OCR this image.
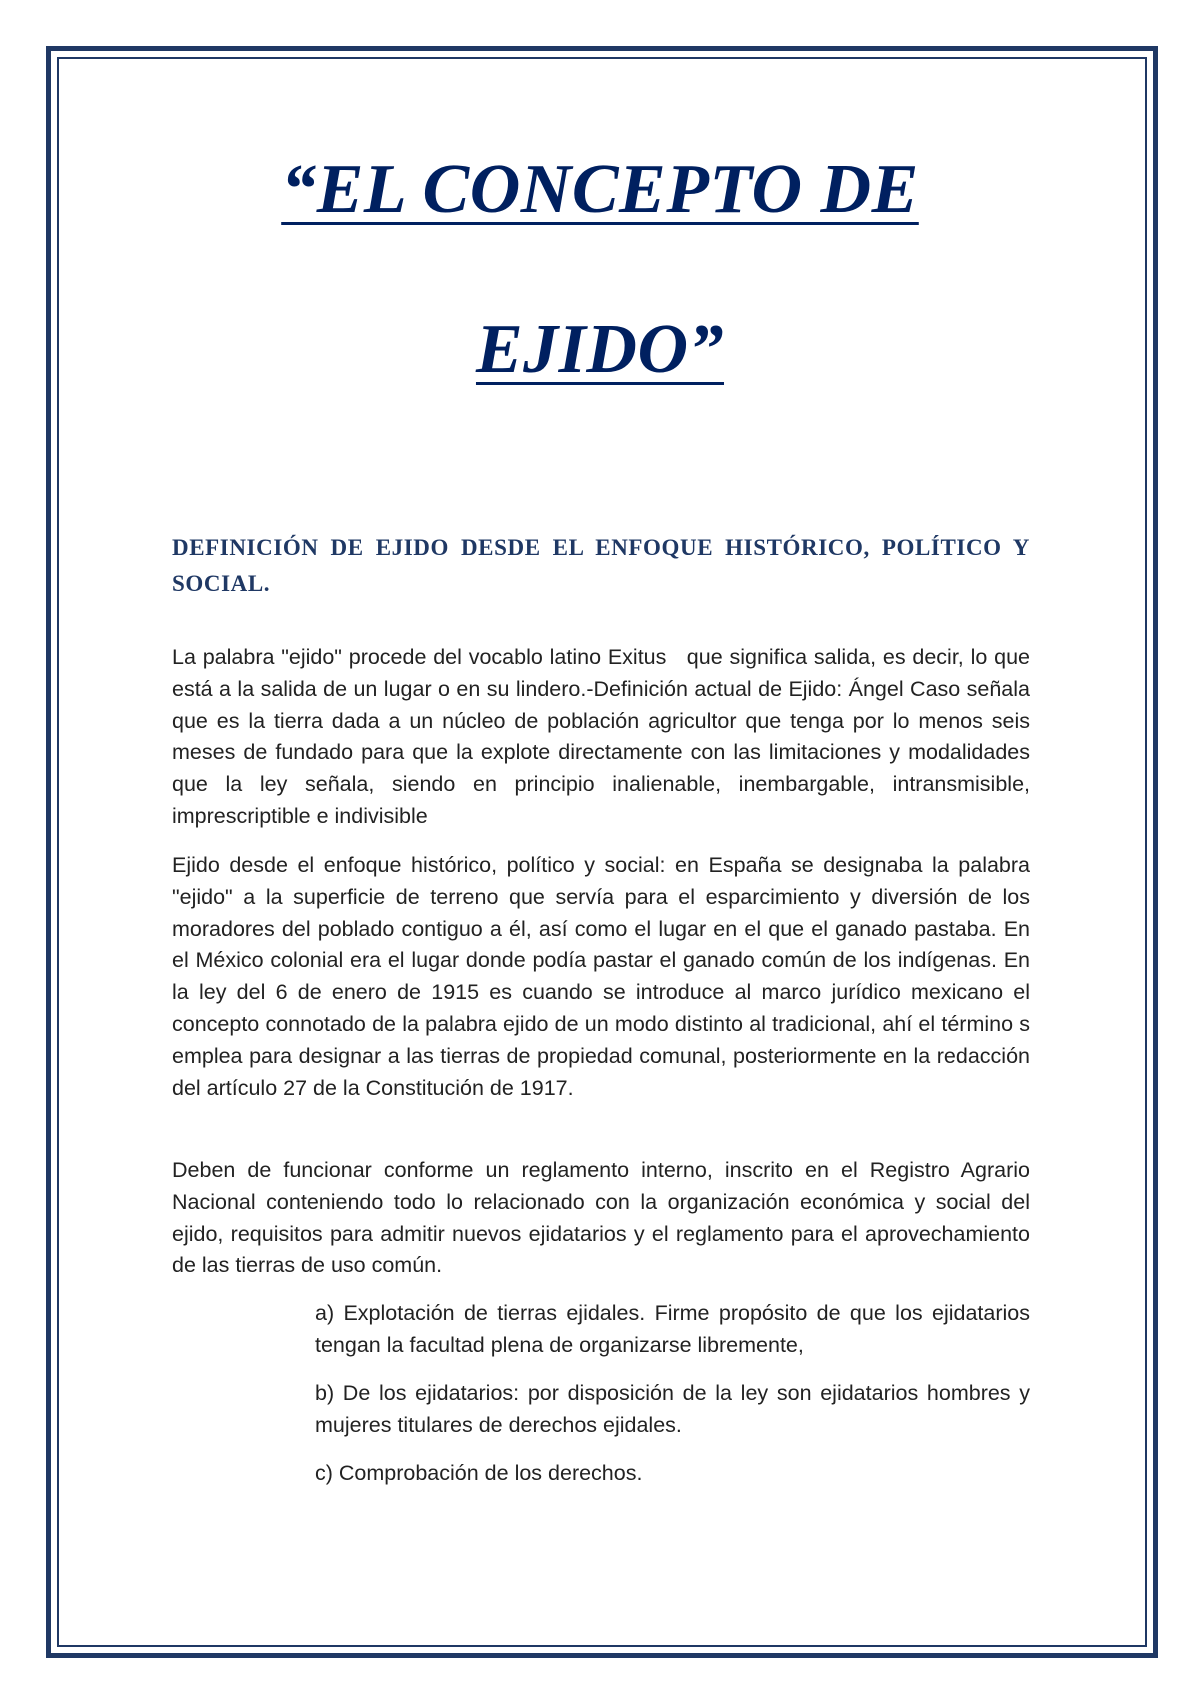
“EL CONCEPTO DE
EJIDO”
DEFINICIÓN DE EJIDO DESDE EL ENFOQUE HISTÓRICO, POLÍTICO Y SOCIAL.

La palabra "ejido" procede del vocablo latino Exitus   que significa salida, es decir, lo que está a la salida de un lugar o en su lindero.-Definición actual de Ejido: Ángel Caso señala que es la tierra dada a un núcleo de población agricultor que tenga por lo menos seis meses de fundado para que la explote directamente con las limitaciones y modalidades que la ley señala, siendo en principio inalienable, inembargable, intransmisible, imprescriptible e indivisible

Ejido desde el enfoque histórico, político y social: en España se designaba la palabra "ejido" a la superficie de terreno que servía para el esparcimiento y diversión de los moradores del poblado contiguo a él, así como el lugar en el que el ganado pastaba. En el México colonial era el lugar donde podía pastar el ganado común de los indígenas. En la ley del 6 de enero de 1915 es cuando se introduce al marco jurídico mexicano el concepto connotado de la palabra ejido de un modo distinto al tradicional, ahí el término s emplea para designar a las tierras de propiedad comunal, posteriormente en la redacción del artículo 27 de la Constitución de 1917.

Deben de funcionar conforme un reglamento interno, inscrito en el Registro Agrario Nacional conteniendo todo lo relacionado con la organización económica y social del ejido, requisitos para admitir nuevos ejidatarios y el reglamento para el aprovechamiento de las tierras de uso común.

a) Explotación de tierras ejidales. Firme propósito de que los ejidatarios tengan la facultad plena de organizarse libremente,

b) De los ejidatarios: por disposición de la ley son ejidatarios hombres y mujeres titulares de derechos ejidales.

c) Comprobación de los derechos.
